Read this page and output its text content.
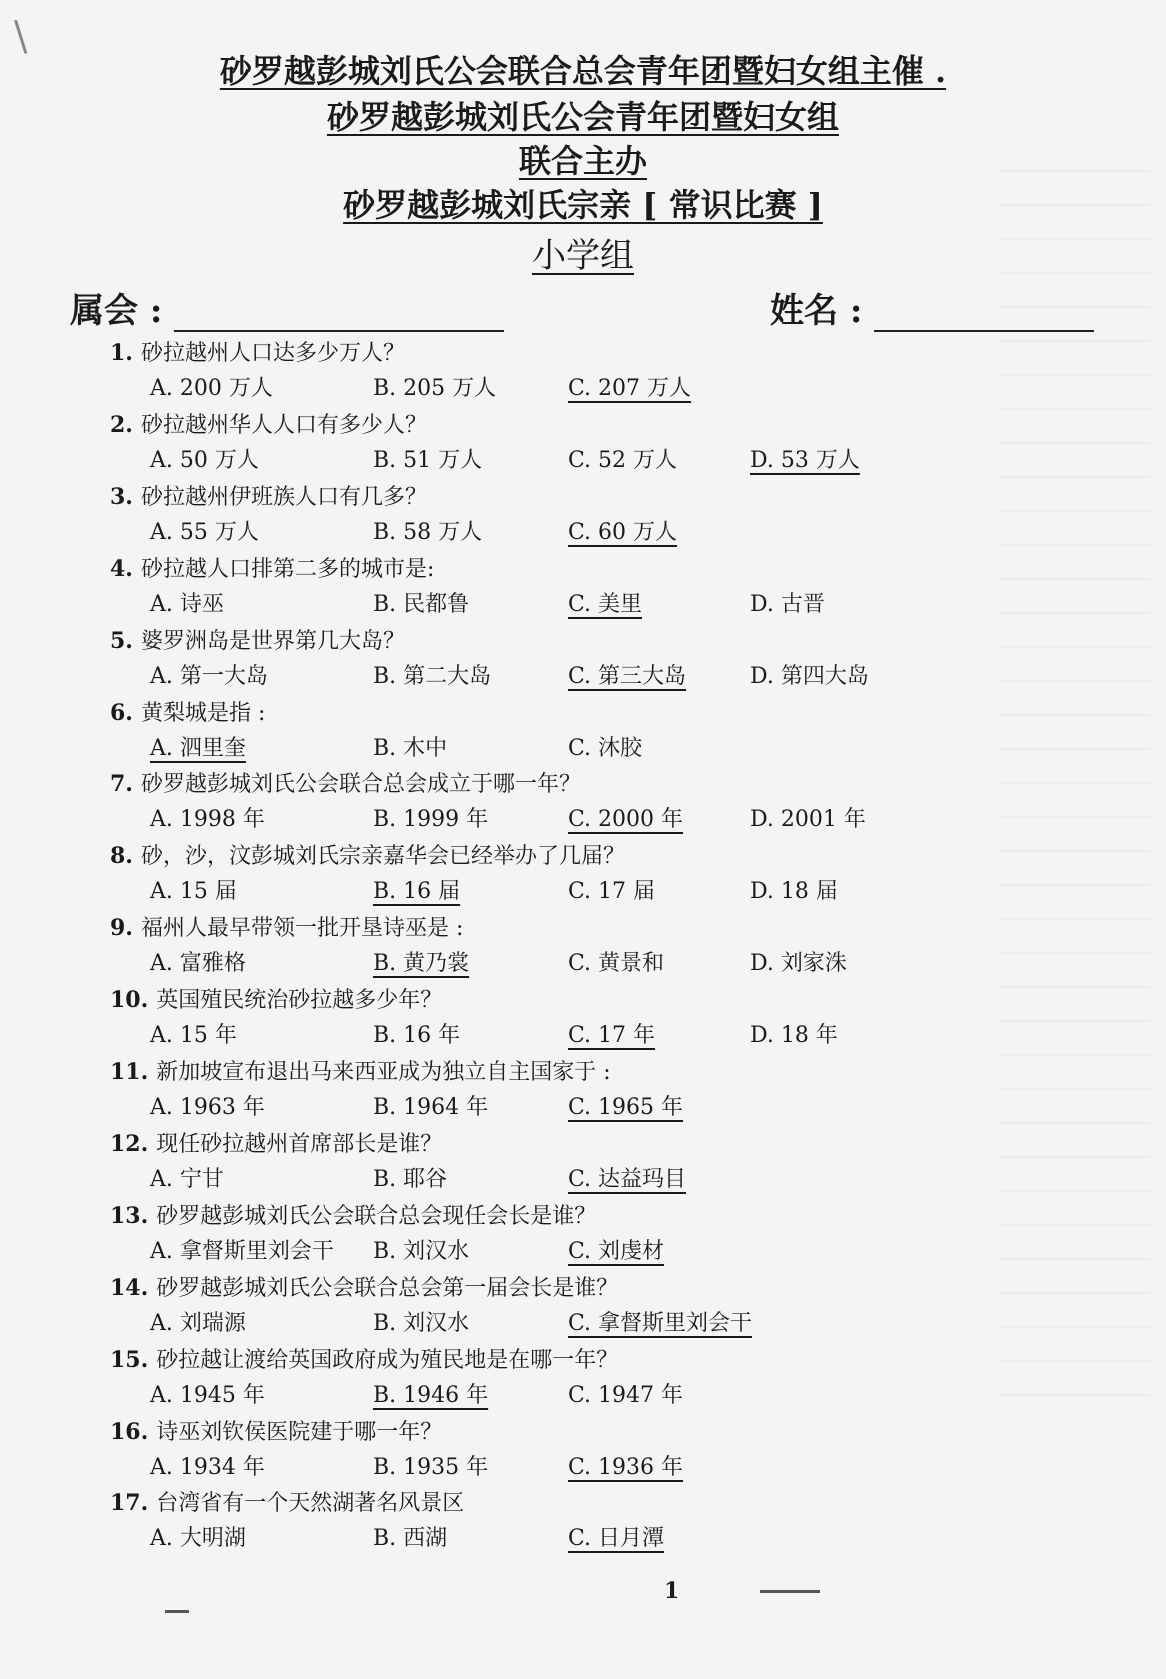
\
砂罗越彭城刘氏公会联合总会青年团暨妇女组主催 .
砂罗越彭城刘氏公会青年团暨妇女组
联合主办
砂罗越彭城刘氏宗亲 [ 常识比赛 ]
小学组
属会 :	姓名 :
1. 砂拉越州人口达多少万人？
A. 200 万人	B. 205 万人	C. 207 万人
2. 砂拉越州华人人口有多少人？
A. 50 万人	B. 51 万人	C. 52 万人	D. 53 万人
3. 砂拉越州伊班族人口有几多？
A. 55 万人	B. 58 万人	C. 60 万人
4. 砂拉越人口排第二多的城市是:
A. 诗巫	B. 民都鲁	C. 美里	D. 古晋
5. 婆罗洲岛是世界第几大岛？
A. 第一大岛	B. 第二大岛	C. 第三大岛	D. 第四大岛
6. 黄梨城是指 :
A. 泗里奎	B. 木中	C. 沐胶
7. 砂罗越彭城刘氏公会联合总会成立于哪一年？
A. 1998 年	B. 1999 年	C. 2000 年	D. 2001 年
8. 砂，沙，汶彭城刘氏宗亲嘉华会已经举办了几届？
A. 15 届	B. 16 届	C. 17 届	D. 18 届
9. 福州人最早带领一批开垦诗巫是 :
A. 富雅格	B. 黄乃裳	C. 黄景和	D. 刘家洙
10. 英国殖民统治砂拉越多少年？
A. 15 年	B. 16 年	C. 17 年	D. 18 年
11. 新加坡宣布退出马来西亚成为独立自主国家于 :
A. 1963 年	B. 1964 年	C. 1965 年
12. 现任砂拉越州首席部长是谁？
A. 宁甘	B. 耶谷	C. 达益玛目
13. 砂罗越彭城刘氏公会联合总会现任会长是谁？
A. 拿督斯里刘会干 B. 刘汉水	C. 刘虔材
14. 砂罗越彭城刘氏公会联合总会第一届会长是谁？
A. 刘瑞源	B. 刘汉水	C. 拿督斯里刘会干
15. 砂拉越让渡给英国政府成为殖民地是在哪一年？
A. 1945 年	B. 1946 年	C. 1947 年
16. 诗巫刘钦侯医院建于哪一年？
A. 1934 年	B. 1935 年	C. 1936 年
17. 台湾省有一个天然湖著名风景区
A. 大明湖	B. 西湖	C. 日月潭
1
